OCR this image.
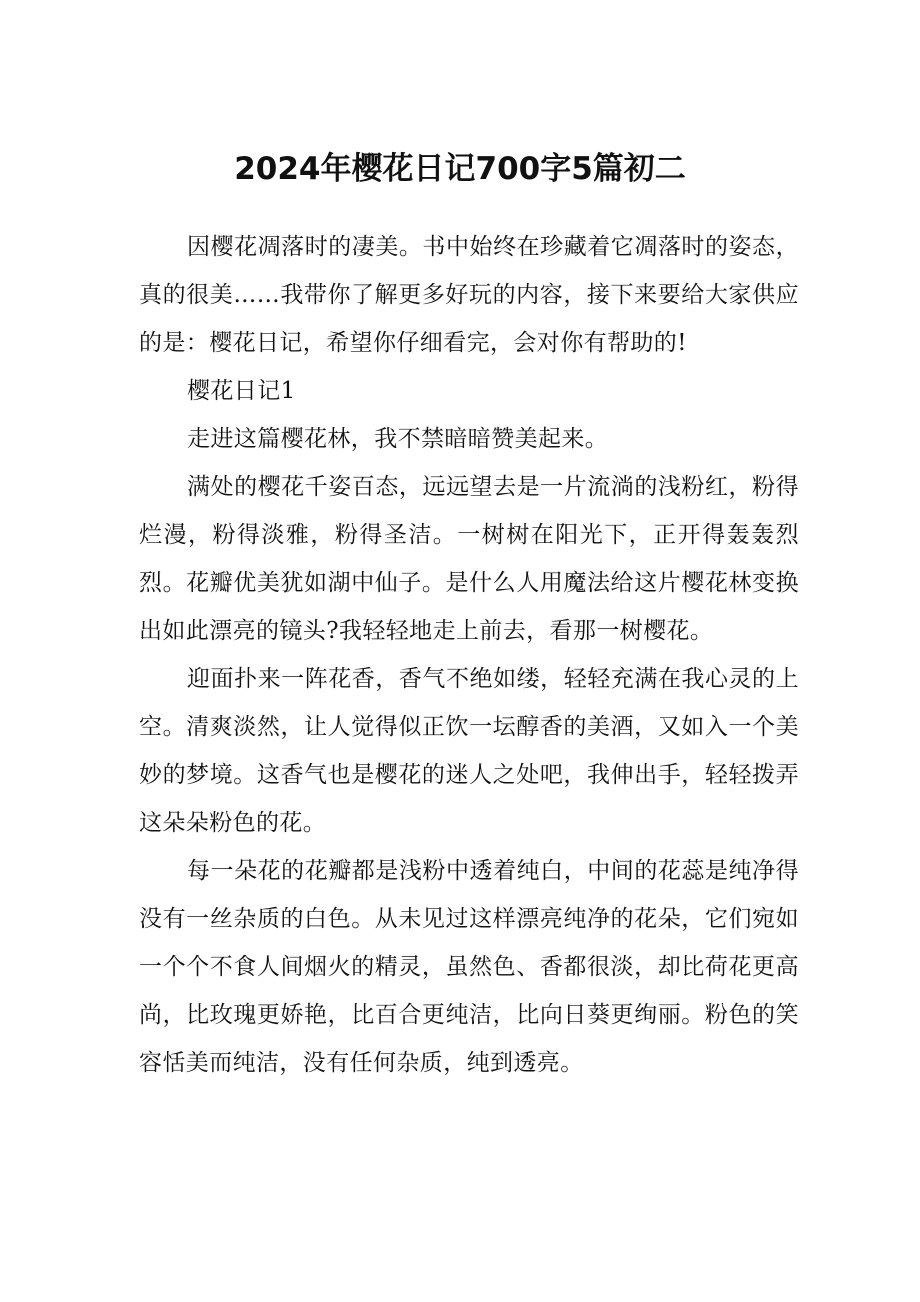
2024年樱花日记700字5篇初二

因樱花凋落时的凄美。书中始终在珍藏着它凋落时的姿态，真的很美……我带你了解更多好玩的内容，接下来要给大家供应的是：樱花日记，希望你仔细看完，会对你有帮助的!

樱花日记1

走进这篇樱花林，我不禁暗暗赞美起来。

满处的樱花千姿百态，远远望去是一片流淌的浅粉红，粉得烂漫，粉得淡雅，粉得圣洁。一树树在阳光下，正开得轰轰烈烈。花瓣优美犹如湖中仙子。是什么人用魔法给这片樱花林变换出如此漂亮的镜头?我轻轻地走上前去，看那一树樱花。

迎面扑来一阵花香，香气不绝如缕，轻轻充满在我心灵的上空。清爽淡然，让人觉得似正饮一坛醇香的美酒，又如入一个美妙的梦境。这香气也是樱花的迷人之处吧，我伸出手，轻轻拨弄这朵朵粉色的花。

每一朵花的花瓣都是浅粉中透着纯白，中间的花蕊是纯净得没有一丝杂质的白色。从未见过这样漂亮纯净的花朵，它们宛如一个个不食人间烟火的精灵，虽然色、香都很淡，却比荷花更高尚，比玫瑰更娇艳，比百合更纯洁，比向日葵更绚丽。粉色的笑容恬美而纯洁，没有任何杂质，纯到透亮。
